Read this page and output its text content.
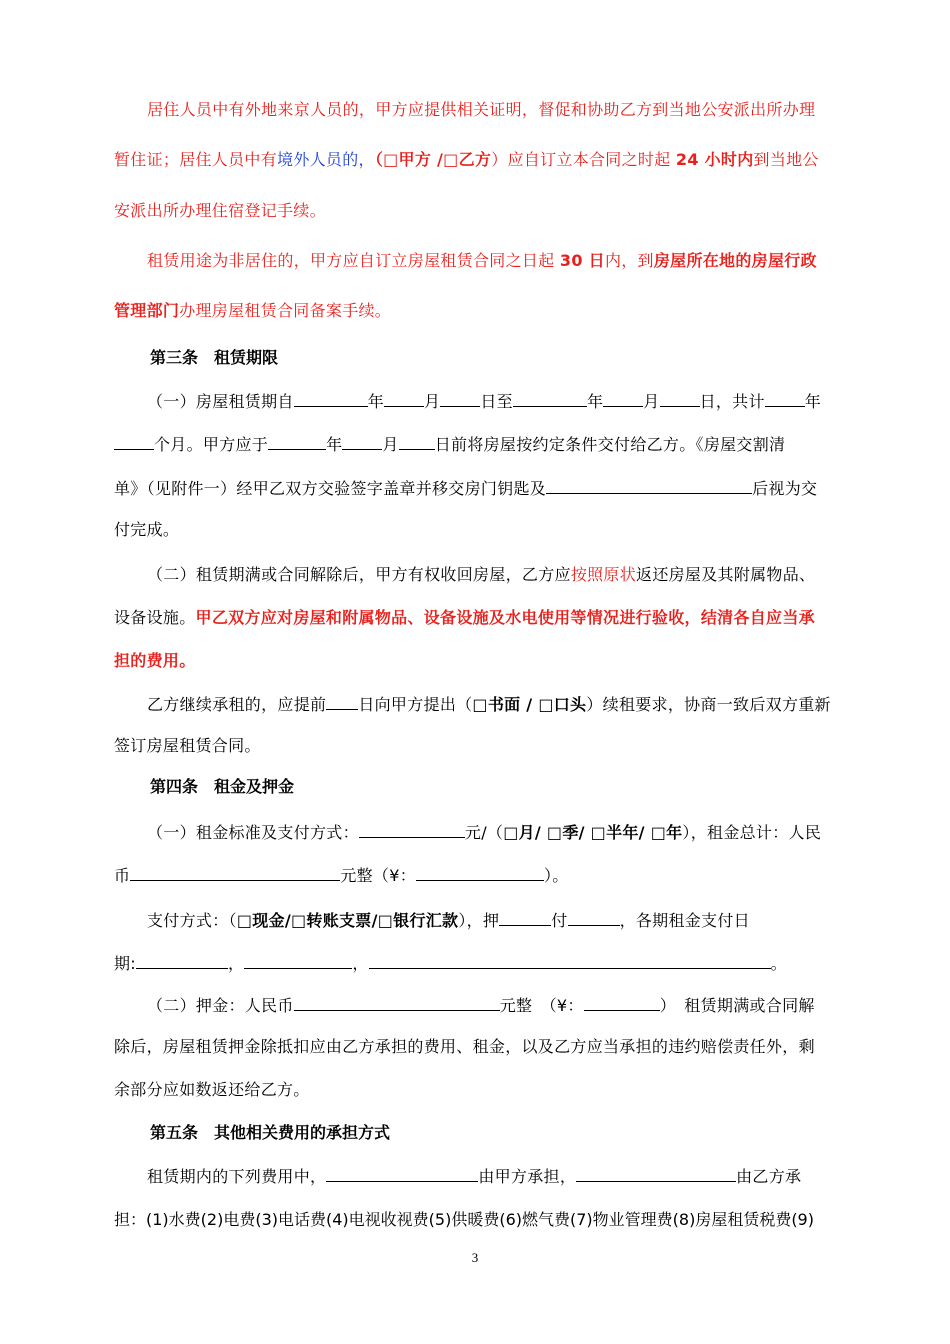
居住人员中有外地来京人员的，甲方应提供相关证明，督促和协助乙方到当地公安派出所办理
暂住证；居住人员中有境外人员的，（□甲方 /□乙方）应自订立本合同之时起 24 小时内到当地公
安派出所办理住宿登记手续。
租赁用途为非居住的，甲方应自订立房屋租赁合同之日起 30 日内，到房屋所在地的房屋行政
管理部门办理房屋租赁合同备案手续。
第三条　租赁期限
（一）房屋租赁期自	年	月	日至	年	月	日，共计	年
个月。甲方应于	年	月 日前将房屋按约定条件交付给乙方。《房屋交割清
单》（见附件一）经甲乙双方交验签字盖章并移交房门钥匙及	后视为交
付完成。
（二）租赁期满或合同解除后，甲方有权收回房屋，乙方应按照原状返还房屋及其附属物品、
设备设施。甲乙双方应对房屋和附属物品、设备设施及水电使用等情况进行验收，结清各自应当承
担的费用。
乙方继续承租的，应提前 日向甲方提出（□书面 / □口头）续租要求，协商一致后双方重新
签订房屋租赁合同。
第四条　租金及押金
（一）租金标准及支付方式：	元/（□月/ □季/ □半年/ □年），租金总计：人民
币	元整（¥：	）。
支付方式：（□现金/□转账支票/□银行汇款），押	付	，各期租金支付日
期:	，	，	。
（二）押金：人民币	元整　（¥：	）　租赁期满或合同解
除后，房屋租赁押金除抵扣应由乙方承担的费用、租金，以及乙方应当承担的违约赔偿责任外，剩
余部分应如数返还给乙方。
第五条　其他相关费用的承担方式
租赁期内的下列费用中，	由甲方承担，	由乙方承
担：(1)水费(2)电费(3)电话费(4)电视收视费(5)供暖费(6)燃气费(7)物业管理费(8)房屋租赁税费(9)
3
